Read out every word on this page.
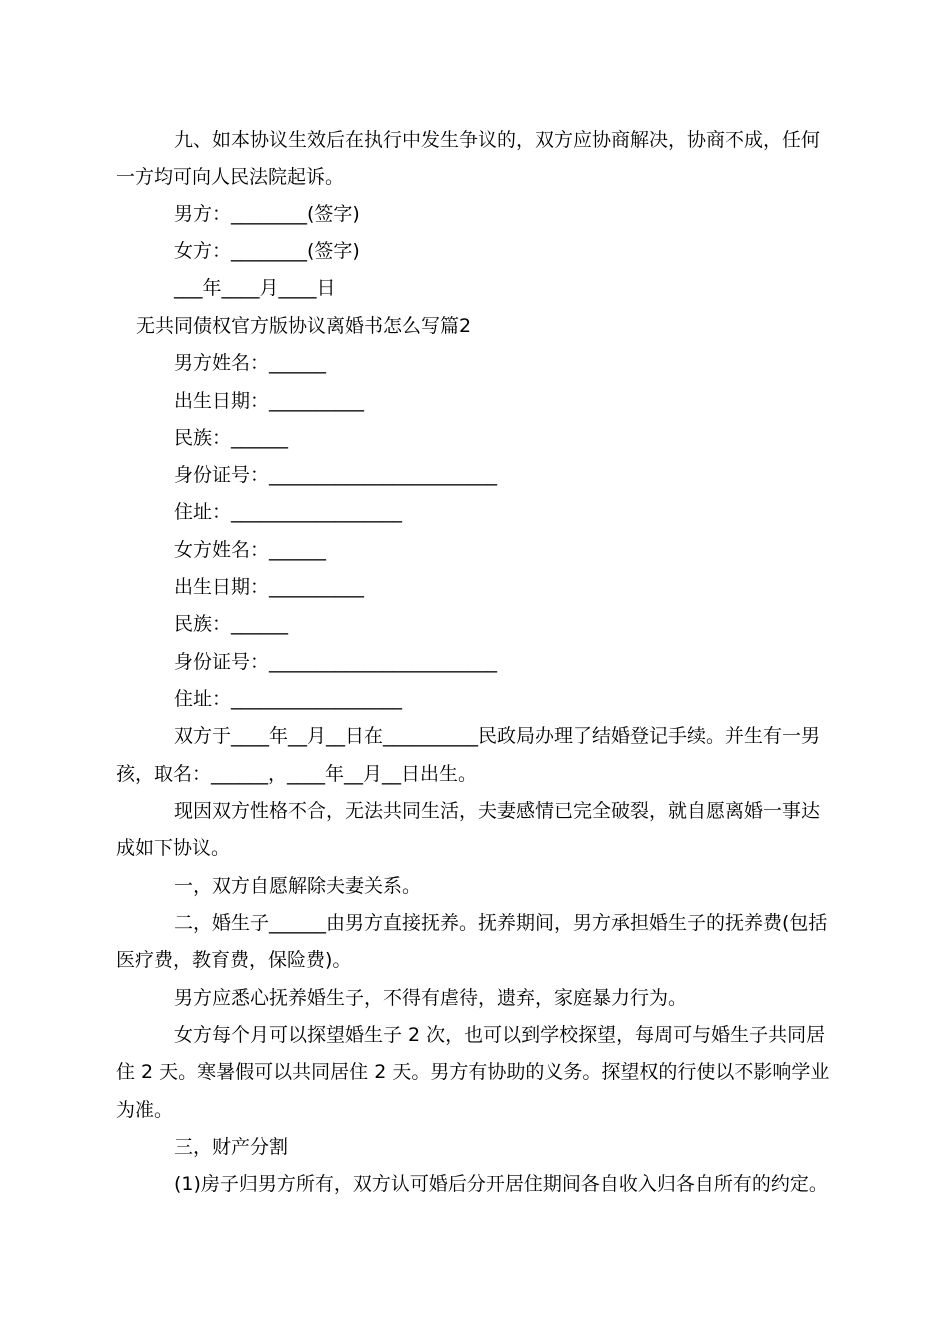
九、如本协议生效后在执行中发生争议的，双方应协商解决，协商不成，任何

一方均可向人民法院起诉。

男方：________(签字)

女方：________(签字)

___年____月____日

无共同债权官方版协议离婚书怎么写篇2

男方姓名：______

出生日期：__________

民族：______

身份证号：________________________

住址：__________________

女方姓名：______

出生日期：__________

民族：______

身份证号：________________________

住址：__________________

双方于____年__月__日在__________民政局办理了结婚登记手续。并生有一男

孩，取名：______，____年__月__日出生。

现因双方性格不合，无法共同生活，夫妻感情已完全破裂，就自愿离婚一事达

成如下协议。

一，双方自愿解除夫妻关系。

二，婚生子______由男方直接抚养。抚养期间，男方承担婚生子的抚养费(包括

医疗费，教育费，保险费)。

男方应悉心抚养婚生子，不得有虐待，遗弃，家庭暴力行为。

女方每个月可以探望婚生子 2 次，也可以到学校探望，每周可与婚生子共同居

住 2 天。寒暑假可以共同居住 2 天。男方有协助的义务。探望权的行使以不影响学业

为准。

三，财产分割

(1)房子归男方所有，双方认可婚后分开居住期间各自收入归各自所有的约定。
